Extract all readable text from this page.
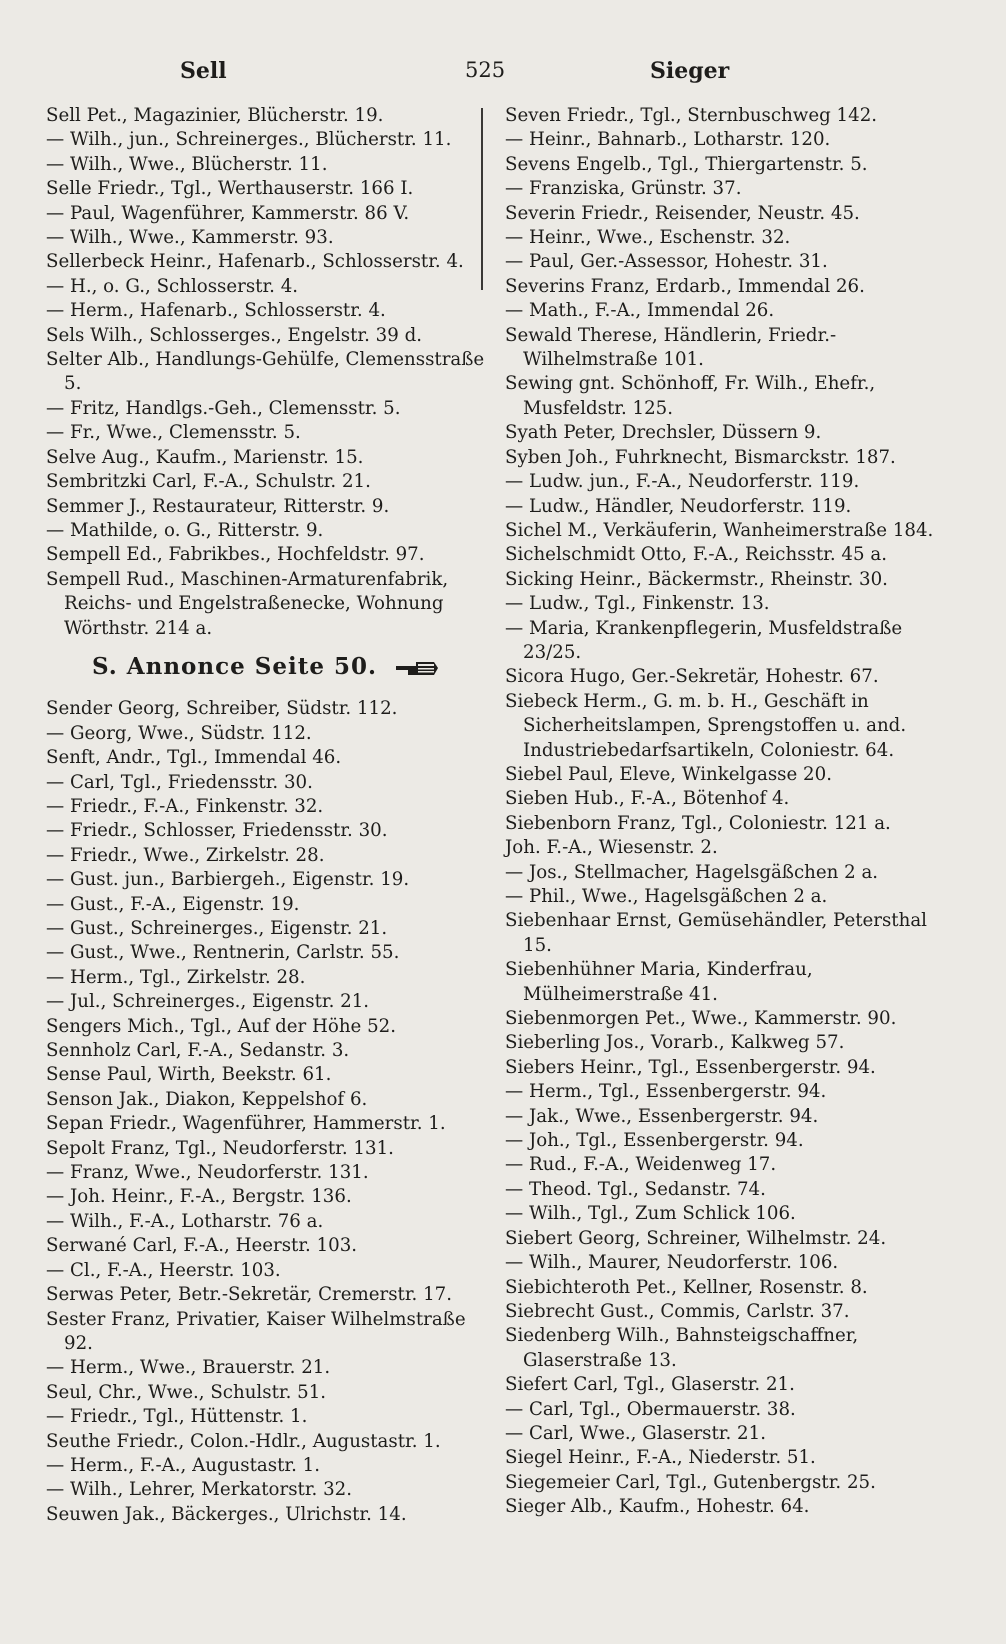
Sell	525	Sieger
Sell Pet., Magazinier, Blücherstr. 19.
— Wilh., jun., Schreinerges., Blücherstr. 11.
— Wilh., Wwe., Blücherstr. 11.
Selle Friedr., Tgl., Werthauserstr. 166 I.
— Paul, Wagenführer, Kammerstr. 86 V.
— Wilh., Wwe., Kammerstr. 93.
Sellerbeck Heinr., Hafenarb., Schlosserstr. 4.
— H., o. G., Schlosserstr. 4.
— Herm., Hafenarb., Schlosserstr. 4.
Sels Wilh., Schlosserges., Engelstr. 39 d.
Selter Alb., Handlungs-Gehülfe, Clemensstraße 5.
— Fritz, Handlgs.-Geh., Clemensstr. 5.
— Fr., Wwe., Clemensstr. 5.
Selve Aug., Kaufm., Marienstr. 15.
Sembritzki Carl, F.-A., Schulstr. 21.
Semmer J., Restaurateur, Ritterstr. 9.
— Mathilde, o. G., Ritterstr. 9.
Sempell Ed., Fabrikbes., Hochfeldstr. 97.
Sempell Rud., Maschinen-Armaturenfabrik, Reichs- und Engelstraßenecke, Wohnung Wörthstr. 214 a.
S. Annonce Seite 50.
Sender Georg, Schreiber, Südstr. 112.
— Georg, Wwe., Südstr. 112.
Senft, Andr., Tgl., Immendal 46.
— Carl, Tgl., Friedensstr. 30.
— Friedr., F.-A., Finkenstr. 32.
— Friedr., Schlosser, Friedensstr. 30.
— Friedr., Wwe., Zirkelstr. 28.
— Gust. jun., Barbiergeh., Eigenstr. 19.
— Gust., F.-A., Eigenstr. 19.
— Gust., Schreinerges., Eigenstr. 21.
— Gust., Wwe., Rentnerin, Carlstr. 55.
— Herm., Tgl., Zirkelstr. 28.
— Jul., Schreinerges., Eigenstr. 21.
Sengers Mich., Tgl., Auf der Höhe 52.
Sennholz Carl, F.-A., Sedanstr. 3.
Sense Paul, Wirth, Beekstr. 61.
Senson Jak., Diakon, Keppelshof 6.
Sepan Friedr., Wagenführer, Hammerstr. 1.
Sepolt Franz, Tgl., Neudorferstr. 131.
— Franz, Wwe., Neudorferstr. 131.
— Joh. Heinr., F.-A., Bergstr. 136.
— Wilh., F.-A., Lotharstr. 76 a.
Serwané Carl, F.-A., Heerstr. 103.
— Cl., F.-A., Heerstr. 103.
Serwas Peter, Betr.-Sekretär, Cremerstr. 17.
Sester Franz, Privatier, Kaiser Wilhelmstraße 92.
— Herm., Wwe., Brauerstr. 21.
Seul, Chr., Wwe., Schulstr. 51.
— Friedr., Tgl., Hüttenstr. 1.
Seuthe Friedr., Colon.-Hdlr., Augustastr. 1.
— Herm., F.-A., Augustastr. 1.
— Wilh., Lehrer, Merkatorstr. 32.
Seuwen Jak., Bäckerges., Ulrichstr. 14.
Seven Friedr., Tgl., Sternbuschweg 142.
— Heinr., Bahnarb., Lotharstr. 120.
Sevens Engelb., Tgl., Thiergartenstr. 5.
— Franziska, Grünstr. 37.
Severin Friedr., Reisender, Neustr. 45.
— Heinr., Wwe., Eschenstr. 32.
— Paul, Ger.-Assessor, Hohestr. 31.
Severins Franz, Erdarb., Immendal 26.
— Math., F.-A., Immendal 26.
Sewald Therese, Händlerin, Friedr.-Wilhelmstraße 101.
Sewing gnt. Schönhoff, Fr. Wilh., Ehefr., Musfeldstr. 125.
Syath Peter, Drechsler, Düssern 9.
Syben Joh., Fuhrknecht, Bismarckstr. 187.
— Ludw. jun., F.-A., Neudorferstr. 119.
— Ludw., Händler, Neudorferstr. 119.
Sichel M., Verkäuferin, Wanheimerstraße 184.
Sichelschmidt Otto, F.-A., Reichsstr. 45 a.
Sicking Heinr., Bäckermstr., Rheinstr. 30.
— Ludw., Tgl., Finkenstr. 13.
— Maria, Krankenpflegerin, Musfeldstraße 23/25.
Sicora Hugo, Ger.-Sekretär, Hohestr. 67.
Siebeck Herm., G. m. b. H., Geschäft in Sicherheitslampen, Sprengstoffen u. and. Industriebedarfsartikeln, Coloniestr. 64.
Siebel Paul, Eleve, Winkelgasse 20.
Sieben Hub., F.-A., Bötenhof 4.
Siebenborn Franz, Tgl., Coloniestr. 121 a.
Joh. F.-A., Wiesenstr. 2.
— Jos., Stellmacher, Hagelsgäßchen 2 a.
— Phil., Wwe., Hagelsgäßchen 2 a.
Siebenhaar Ernst, Gemüsehändler, Petersthal 15.
Siebenhühner Maria, Kinderfrau, Mülheimerstraße 41.
Siebenmorgen Pet., Wwe., Kammerstr. 90.
Sieberling Jos., Vorarb., Kalkweg 57.
Siebers Heinr., Tgl., Essenbergerstr. 94.
— Herm., Tgl., Essenbergerstr. 94.
— Jak., Wwe., Essenbergerstr. 94.
— Joh., Tgl., Essenbergerstr. 94.
— Rud., F.-A., Weidenweg 17.
— Theod. Tgl., Sedanstr. 74.
— Wilh., Tgl., Zum Schlick 106.
Siebert Georg, Schreiner, Wilhelmstr. 24.
— Wilh., Maurer, Neudorferstr. 106.
Siebichteroth Pet., Kellner, Rosenstr. 8.
Siebrecht Gust., Commis, Carlstr. 37.
Siedenberg Wilh., Bahnsteigschaffner, Glaserstraße 13.
Siefert Carl, Tgl., Glaserstr. 21.
— Carl, Tgl., Obermauerstr. 38.
— Carl, Wwe., Glaserstr. 21.
Siegel Heinr., F.-A., Niederstr. 51.
Siegemeier Carl, Tgl., Gutenbergstr. 25.
Sieger Alb., Kaufm., Hohestr. 64.
